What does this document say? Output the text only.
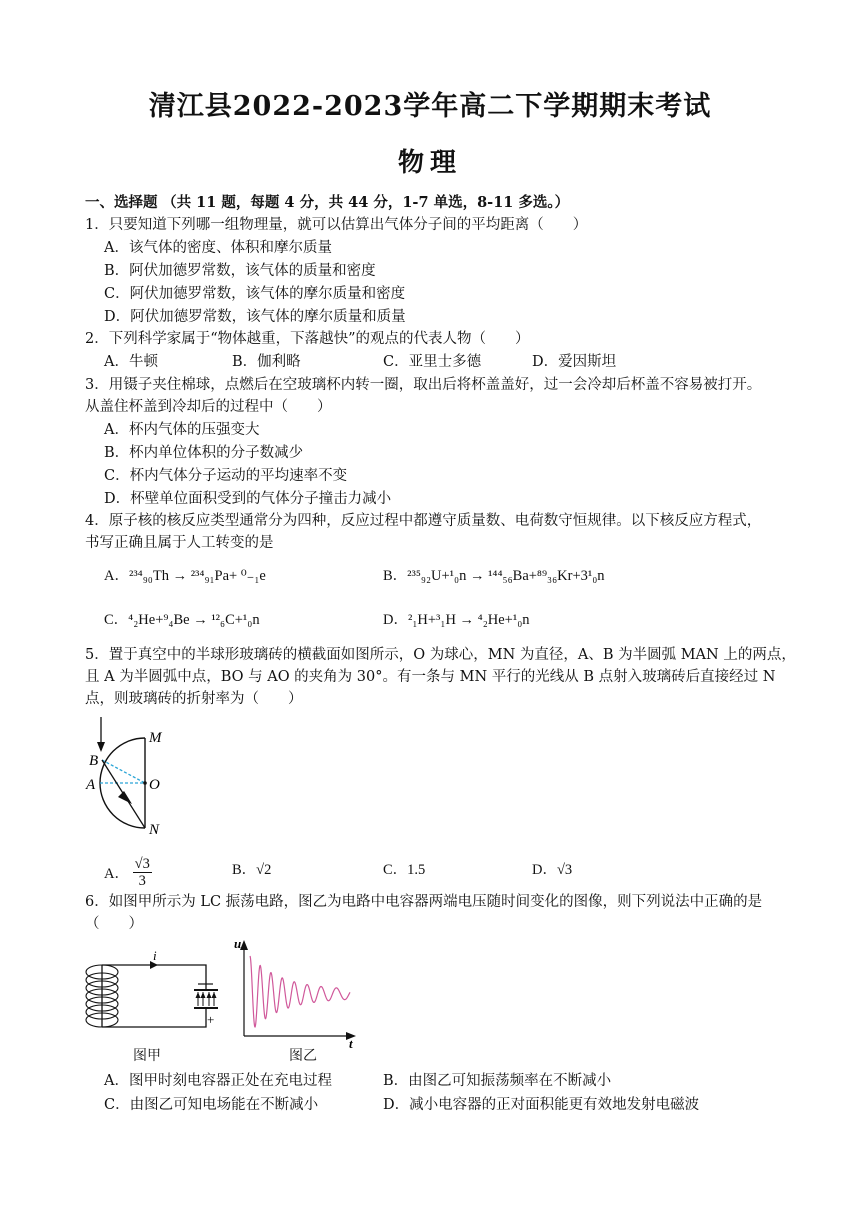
清江县2022-2023学年高二下学期期末考试
物理
一、选择题 （共 11 题，每题 4 分，共 44 分，1-7 单选，8-11 多选。）
1．只要知道下列哪一组物理量，就可以估算出气体分子间的平均距离（　　）
A．该气体的密度、体积和摩尔质量
B．阿伏加德罗常数，该气体的质量和密度
C．阿伏加德罗常数，该气体的摩尔质量和密度
D．阿伏加德罗常数，该气体的摩尔质量和质量
2．下列科学家属于“物体越重，下落越快”的观点的代表人物（　　）
A．牛顿	B．伽利略	C．亚里士多德	D．爱因斯坦
3．用镊子夹住棉球，点燃后在空玻璃杯内转一圈，取出后将杯盖盖好，过一会冷却后杯盖不容易被打开。
从盖住杯盖到冷却后的过程中（　　）
A．杯内气体的压强变大
B．杯内单位体积的分子数减少
C．杯内气体分子运动的平均速率不变
D．杯壁单位面积受到的气体分子撞击力减小
4．原子核的核反应类型通常分为四种，反应过程中都遵守质量数、电荷数守恒规律。以下核反应方程式，
书写正确且属于人工转变的是
A．²³⁴₉₀Th → ²³⁴₉₁Pa+ ⁰₋₁e	B．²³⁵₉₂U+¹₀n → ¹⁴⁴₅₆Ba+⁸⁹₃₆Kr+3¹₀n
C．⁴₂He+⁹₄Be → ¹²₆C+¹₀n	D．²₁H+³₁H → ⁴₂He+¹₀n
5．置于真空中的半球形玻璃砖的横截面如图所示，O 为球心，MN 为直径，A、B 为半圆弧 MAN 上的两点，
且 A 为半圆弧中点，BO 与 AO 的夹角为 30°。有一条与 MN 平行的光线从 B 点射入玻璃砖后直接经过 N
点，则玻璃砖的折射率为（　　）
M
B
A	O
N
A． $\frac{√3}{3}$	B．√2	C．1.5	D．√3
6．如图甲所示为 LC 振荡电路，图乙为电路中电容器两端电压随时间变化的图像，则下列说法中正确的是
（　　）
i
+
图甲
u
t
图乙
A．图甲时刻电容器正处在充电过程	B．由图乙可知振荡频率在不断减小
C．由图乙可知电场能在不断减小	D．减小电容器的正对面积能更有效地发射电磁波
